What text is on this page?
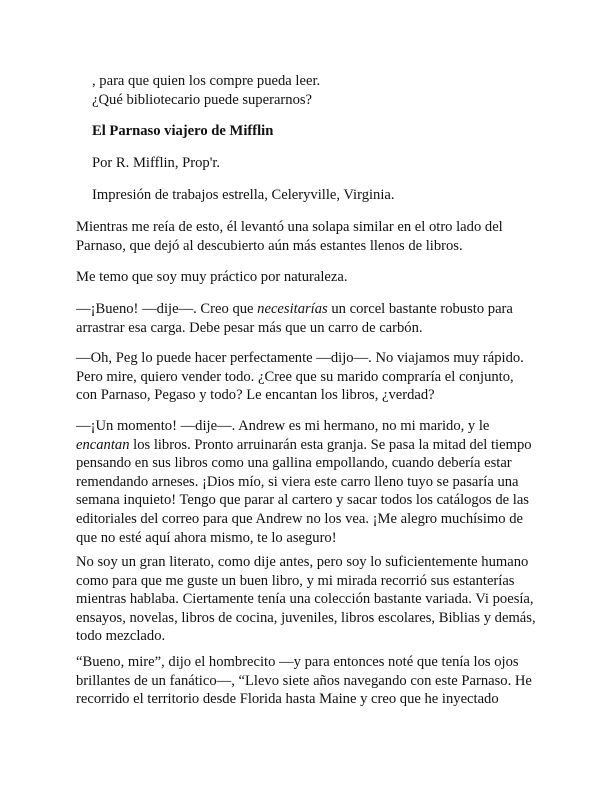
, para que quien los compre pueda leer.
¿Qué bibliotecario puede superarnos?
El Parnaso viajero de Mifflin
Por R. Mifflin, Prop'r.
Impresión de trabajos estrella, Celeryville, Virginia.

Mientras me reía de esto, él levantó una solapa similar en el otro lado del Parnaso, que dejó al descubierto aún más estantes llenos de libros.

Me temo que soy muy práctico por naturaleza.

—¡Bueno! —dije—. Creo que necesitarías un corcel bastante robusto para arrastrar esa carga. Debe pesar más que un carro de carbón.

—Oh, Peg lo puede hacer perfectamente —dijo—. No viajamos muy rápido. Pero mire, quiero vender todo. ¿Cree que su marido compraría el conjunto, con Parnaso, Pegaso y todo? Le encantan los libros, ¿verdad?

—¡Un momento! —dije—. Andrew es mi hermano, no mi marido, y le encantan los libros. Pronto arruinarán esta granja. Se pasa la mitad del tiempo pensando en sus libros como una gallina empollando, cuando debería estar remendando arneses. ¡Dios mío, si viera este carro lleno tuyo se pasaría una semana inquieto! Tengo que parar al cartero y sacar todos los catálogos de las editoriales del correo para que Andrew no los vea. ¡Me alegro muchísimo de que no esté aquí ahora mismo, te lo aseguro!

No soy un gran literato, como dije antes, pero soy lo suficientemente humano como para que me guste un buen libro, y mi mirada recorrió sus estanterías mientras hablaba. Ciertamente tenía una colección bastante variada. Vi poesía, ensayos, novelas, libros de cocina, juveniles, libros escolares, Biblias y demás, todo mezclado.

“Bueno, mire”, dijo el hombrecito —y para entonces noté que tenía los ojos brillantes de un fanático—, “Llevo siete años navegando con este Parnaso. He recorrido el territorio desde Florida hasta Maine y creo que he inyectado
